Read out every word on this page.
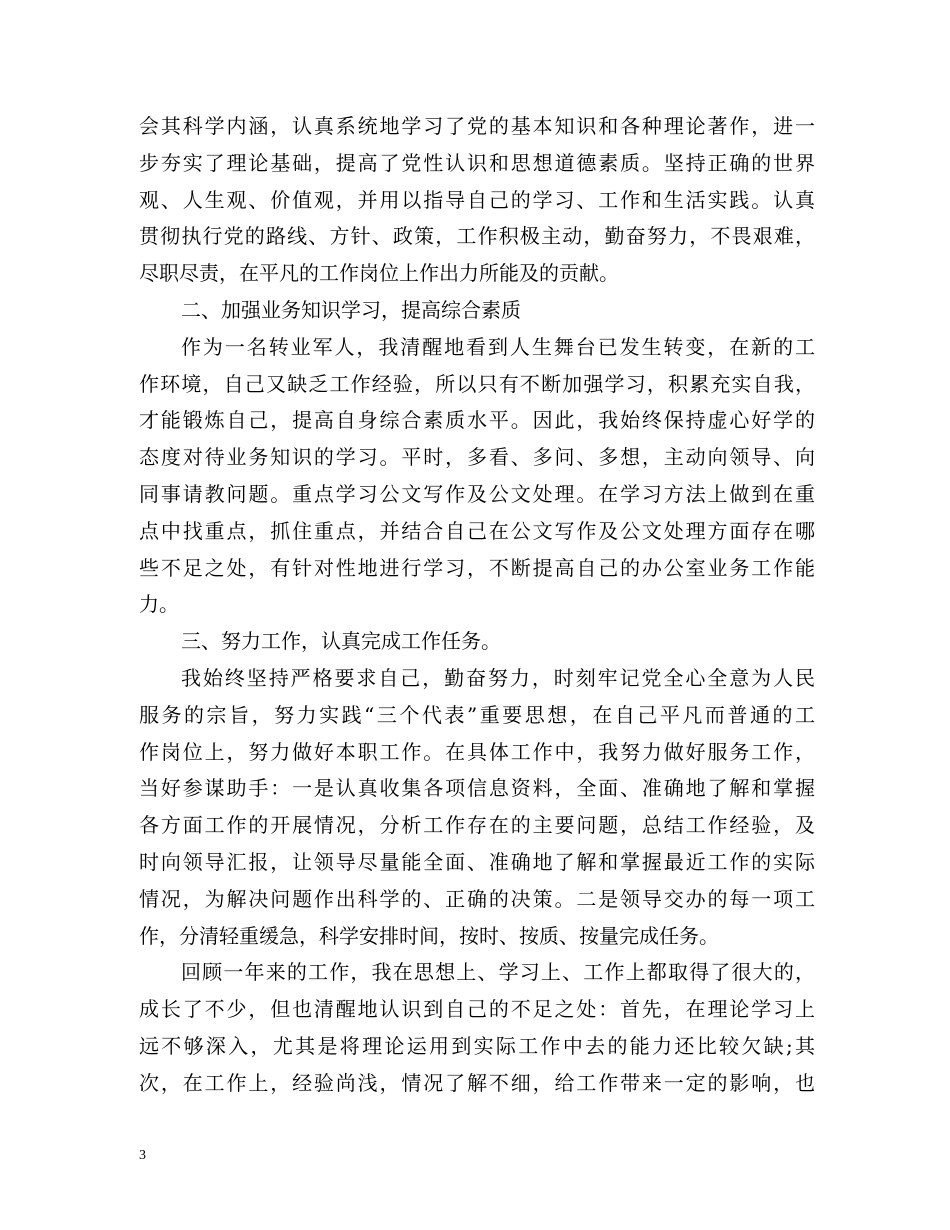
会其科学内涵，认真系统地学习了党的基本知识和各种理论著作，进一
步夯实了理论基础，提高了党性认识和思想道德素质。坚持正确的世界
观、人生观、价值观，并用以指导自己的学习、工作和生活实践。认真
贯彻执行党的路线、方针、政策，工作积极主动，勤奋努力，不畏艰难，
尽职尽责，在平凡的工作岗位上作出力所能及的贡献。
二、加强业务知识学习，提高综合素质
作为一名转业军人，我清醒地看到人生舞台已发生转变，在新的工
作环境，自己又缺乏工作经验，所以只有不断加强学习，积累充实自我，
才能锻炼自己，提高自身综合素质水平。因此，我始终保持虚心好学的
态度对待业务知识的学习。平时，多看、多问、多想，主动向领导、向
同事请教问题。重点学习公文写作及公文处理。在学习方法上做到在重
点中找重点，抓住重点，并结合自己在公文写作及公文处理方面存在哪
些不足之处，有针对性地进行学习，不断提高自己的办公室业务工作能
力。
三、努力工作，认真完成工作任务。
我始终坚持严格要求自己，勤奋努力，时刻牢记党全心全意为人民
服务的宗旨，努力实践“三个代表”重要思想，在自己平凡而普通的工
作岗位上，努力做好本职工作。在具体工作中，我努力做好服务工作，
当好参谋助手：一是认真收集各项信息资料，全面、准确地了解和掌握
各方面工作的开展情况，分析工作存在的主要问题，总结工作经验，及
时向领导汇报，让领导尽量能全面、准确地了解和掌握最近工作的实际
情况，为解决问题作出科学的、正确的决策。二是领导交办的每一项工
作，分清轻重缓急，科学安排时间，按时、按质、按量完成任务。
回顾一年来的工作，我在思想上、学习上、工作上都取得了很大的，
成长了不少，但也清醒地认识到自己的不足之处：首先，在理论学习上
远不够深入，尤其是将理论运用到实际工作中去的能力还比较欠缺;其
次，在工作上，经验尚浅，情况了解不细，给工作带来一定的影响，也
3
